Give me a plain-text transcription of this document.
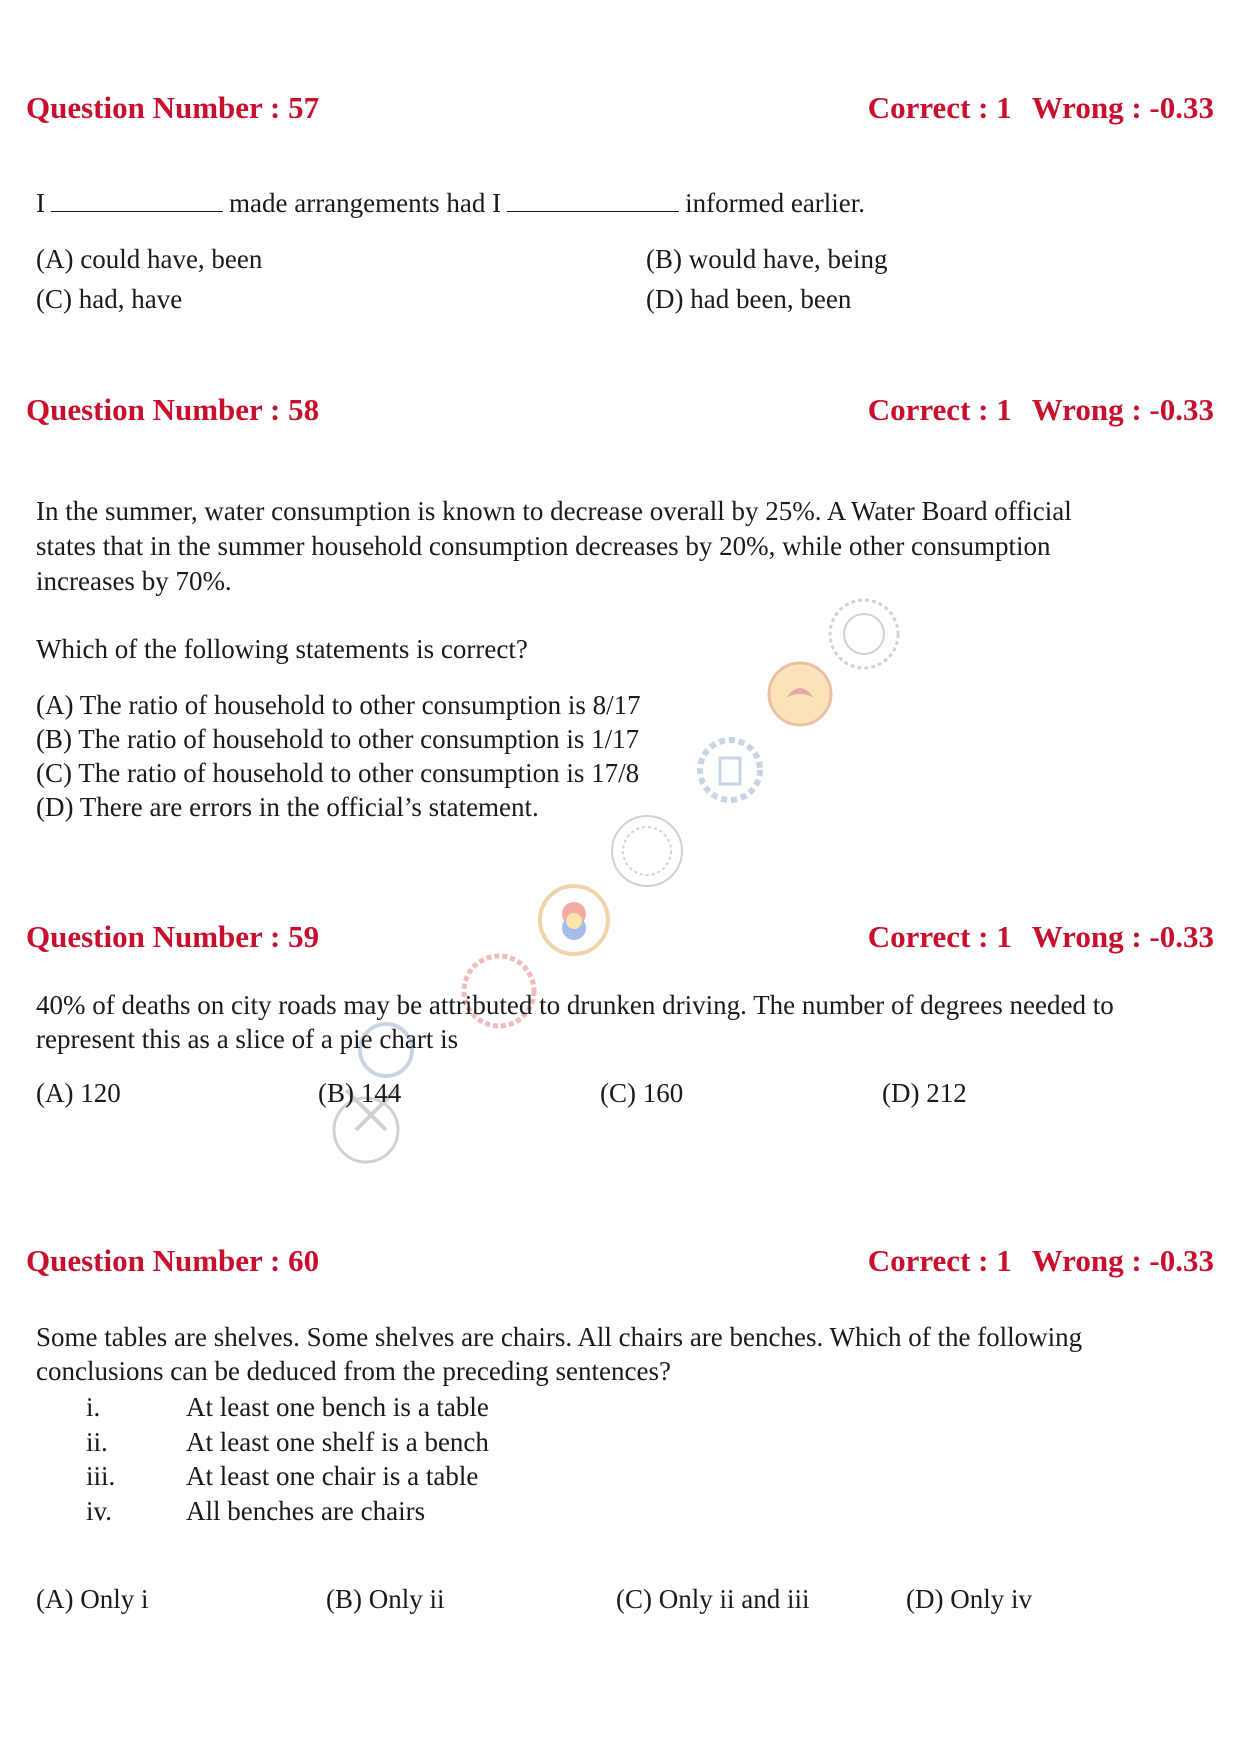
Question Number : 57	Correct : 1 Wrong : -0.33
I	made arrangements had I	informed earlier.
(A) could have, been	(B) would have, being
(C) had, have	(D) had been, been
Question Number : 58	Correct : 1 Wrong : -0.33
In the summer, water consumption is known to decrease overall by 25%. A Water Board official
states that in the summer household consumption decreases by 20%, while other consumption
increases by 70%.
Which of the following statements is correct?
(A) The ratio of household to other consumption is 8/17
(B) The ratio of household to other consumption is 1/17
(C) The ratio of household to other consumption is 17/8
(D) There are errors in the official’s statement.
Question Number : 59	Correct : 1 Wrong : -0.33
40% of deaths on city roads may be attributed to drunken driving. The number of degrees needed to
represent this as a slice of a pie chart is
(A) 120	(B) 144	(C) 160	(D) 212
Question Number : 60	Correct : 1 Wrong : -0.33
Some tables are shelves. Some shelves are chairs. All chairs are benches. Which of the following
conclusions can be deduced from the preceding sentences?
i.	At least one bench is a table
ii.	At least one shelf is a bench
iii.	At least one chair is a table
iv.	All benches are chairs
(A) Only i	(B) Only ii	(C) Only ii and iii	(D) Only iv
